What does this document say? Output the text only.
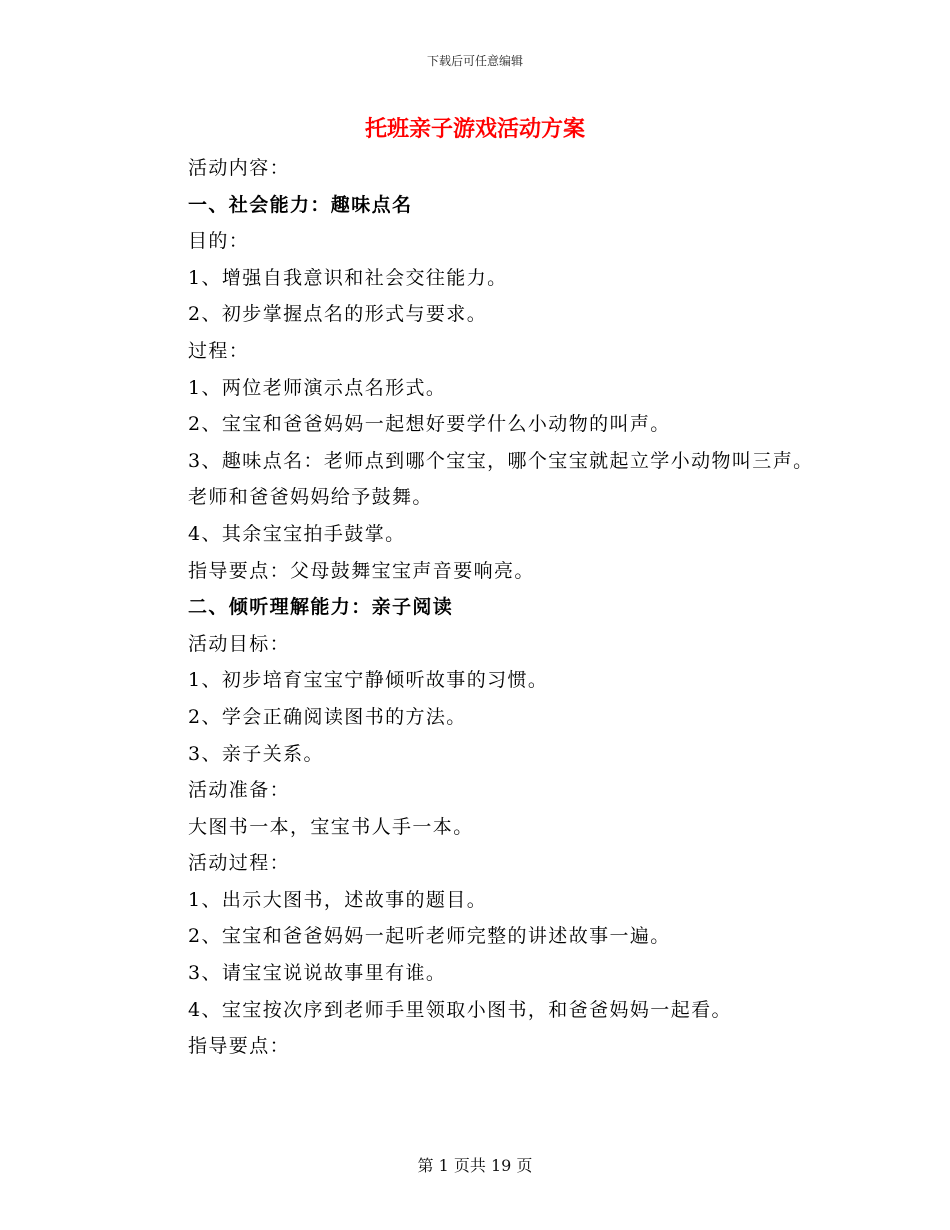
下载后可任意编辑
托班亲子游戏活动方案

活动内容：

一、社会能力：趣味点名

目的：

1、增强自我意识和社会交往能力。

2、初步掌握点名的形式与要求。

过程：

1、两位老师演示点名形式。

2、宝宝和爸爸妈妈一起想好要学什么小动物的叫声。

3、趣味点名：老师点到哪个宝宝，哪个宝宝就起立学小动物叫三声。

老师和爸爸妈妈给予鼓舞。

4、其余宝宝拍手鼓掌。

指导要点：父母鼓舞宝宝声音要响亮。

二、倾听理解能力：亲子阅读

活动目标：

1、初步培育宝宝宁静倾听故事的习惯。

2、学会正确阅读图书的方法。

3、亲子关系。

活动准备：

大图书一本，宝宝书人手一本。

活动过程：

1、出示大图书，述故事的题目。

2、宝宝和爸爸妈妈一起听老师完整的讲述故事一遍。

3、请宝宝说说故事里有谁。

4、宝宝按次序到老师手里领取小图书，和爸爸妈妈一起看。

指导要点：

第 1 页共 19 页
